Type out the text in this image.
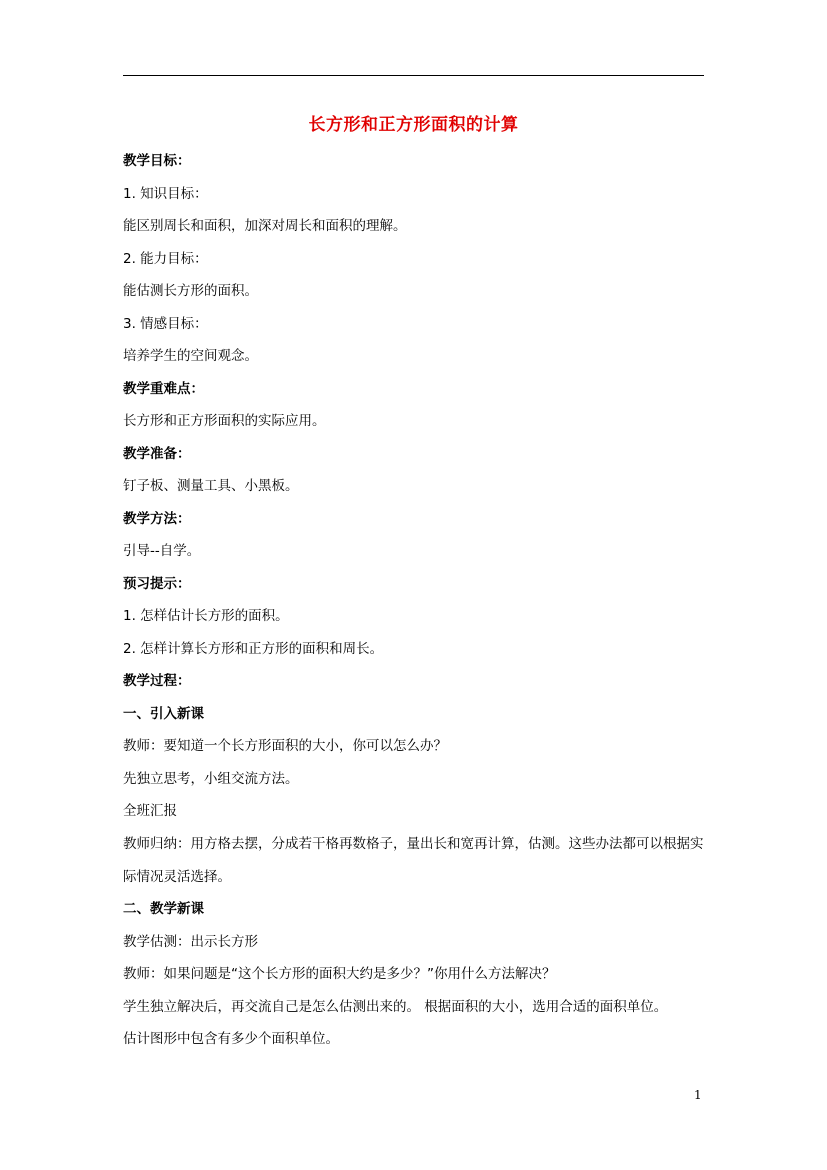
长方形和正方形面积的计算

教学目标：

1. 知识目标：

能区别周长和面积，加深对周长和面积的理解。

2. 能力目标：

能估测长方形的面积。

3. 情感目标：

培养学生的空间观念。

教学重难点：

长方形和正方形面积的实际应用。

教学准备：

钉子板、测量工具、小黑板。

教学方法：

引导--自学。

预习提示：

1. 怎样估计长方形的面积。

2. 怎样计算长方形和正方形的面积和周长。

教学过程：

一、引入新课

教师：要知道一个长方形面积的大小，你可以怎么办？

先独立思考，小组交流方法。

全班汇报

教师归纳：用方格去摆，分成若干格再数格子，量出长和宽再计算，估测。这些办法都可以根据实际情况灵活选择。

二、教学新课

教学估测：出示长方形

教师：如果问题是“这个长方形的面积大约是多少？”你用什么方法解决？

学生独立解决后，再交流自己是怎么估测出来的。 根据面积的大小，选用合适的面积单位。

估计图形中包含有多少个面积单位。

1
